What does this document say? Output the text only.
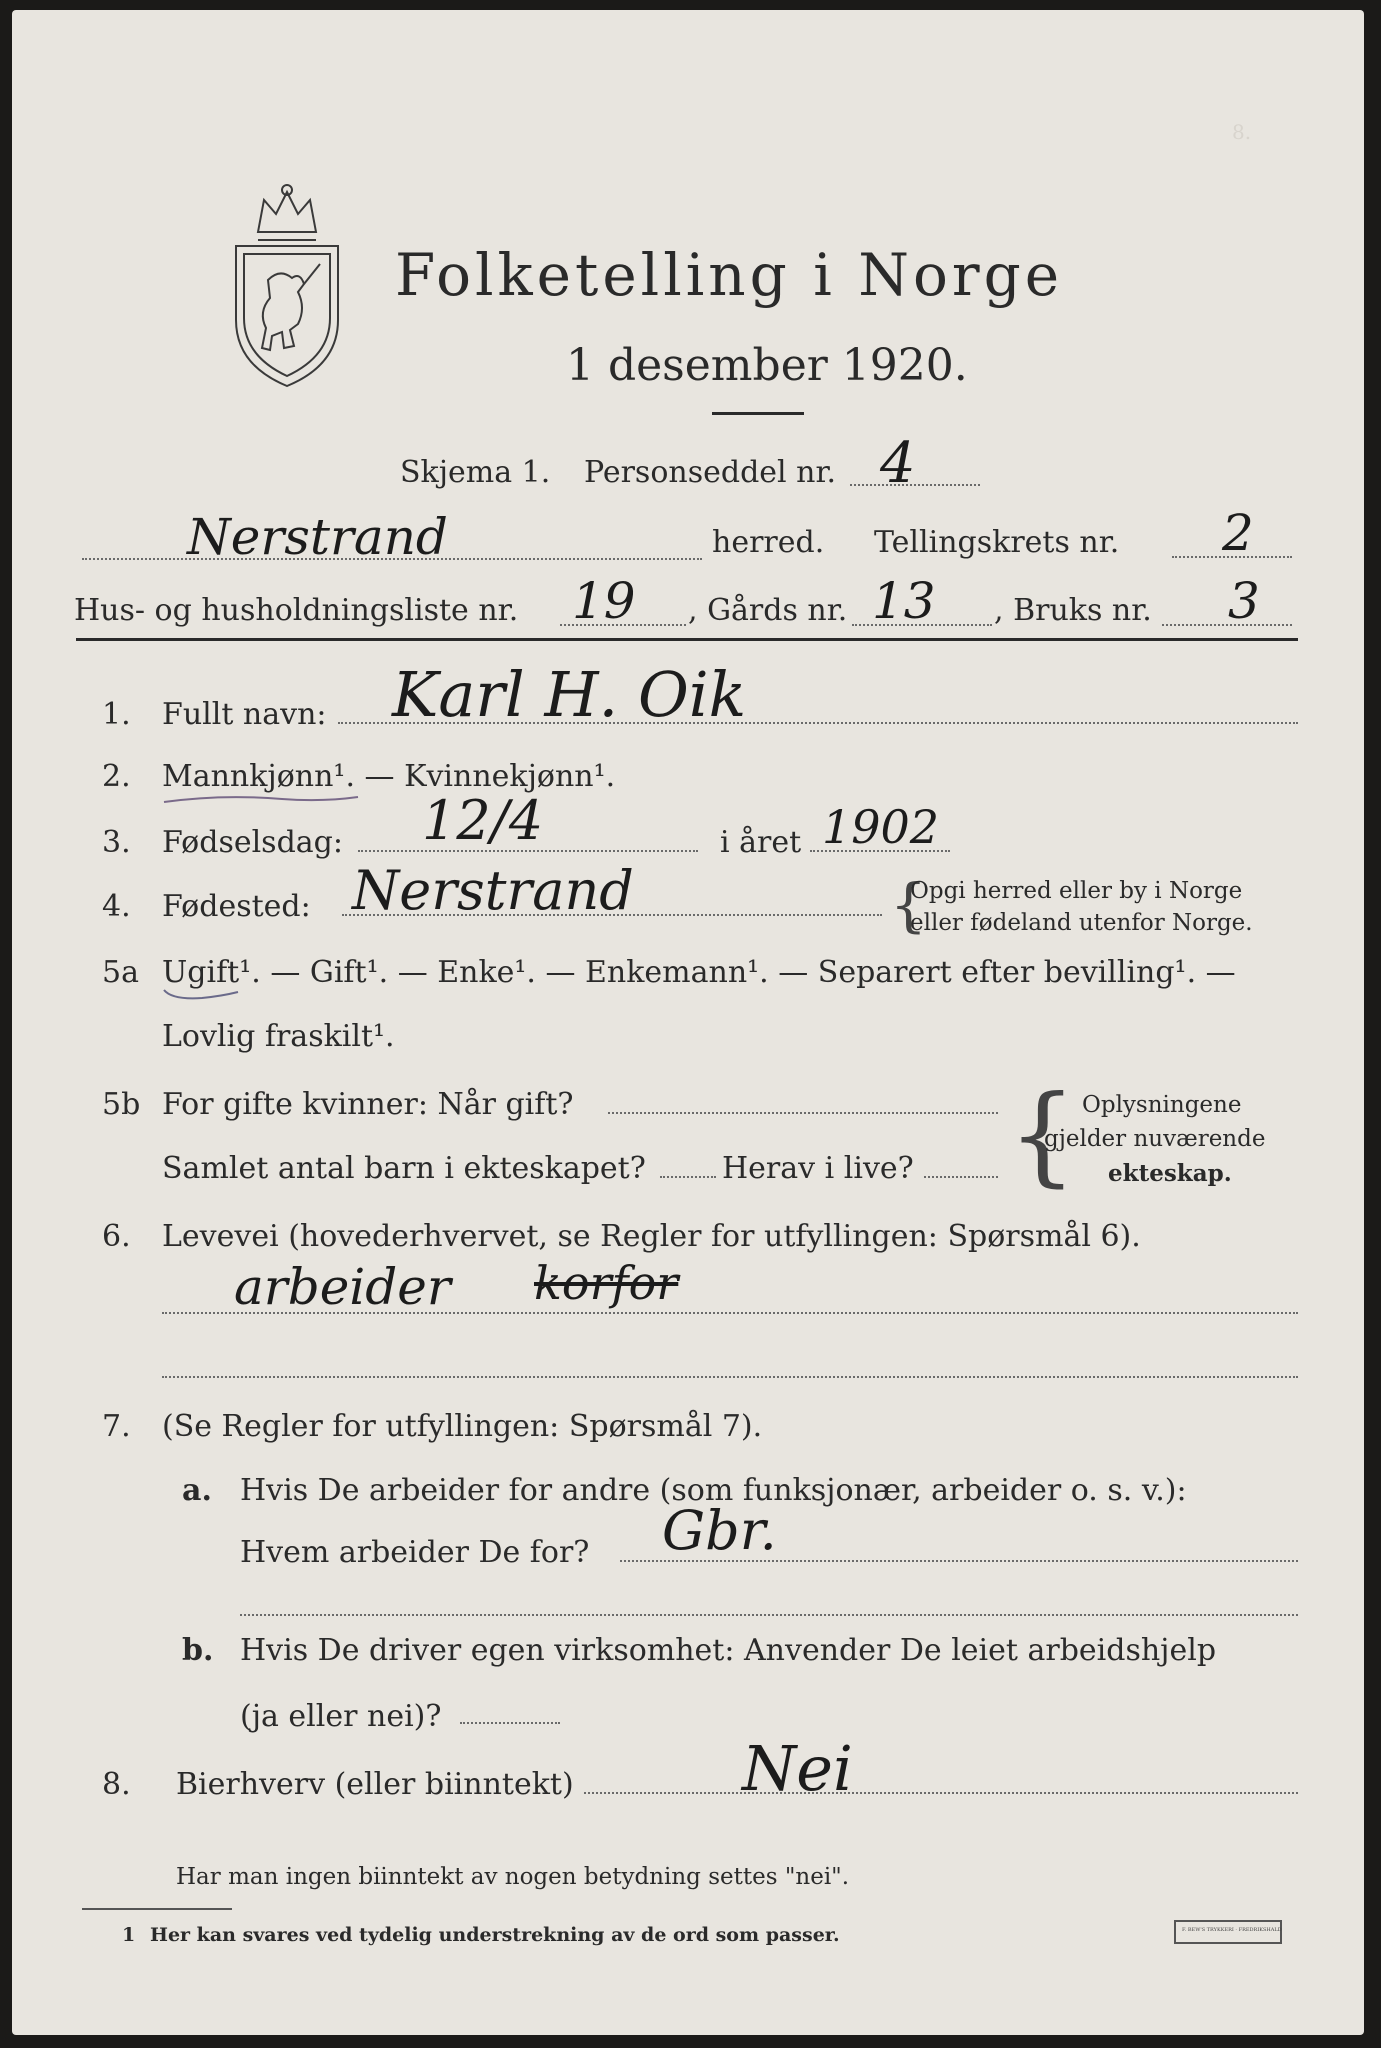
8.
Folketelling i Norge
1 desember 1920.
Skjema 1. Personseddel nr. 4
Nerstrand	herred. Tellingskrets nr. 2
Hus- og husholdningsliste nr. 19 , Gårds nr. 13 , Bruks nr. 3
1. Fullt navn: Karl H. Oik
2. Mannkjønn¹. — Kvinnekjønn¹.
3. Fødselsdag: 12/4	i året 1902
4. Fødested: Nerstrand	{
Opgi herred eller by i Norge
eller fødeland utenfor Norge.
5a Ugift¹. — Gift¹. — Enke¹. — Enkemann¹. — Separert efter bevilling¹. —
Lovlig fraskilt¹.
5b For gifte kvinner: Når gift?
Samlet antal barn i ekteskapet?	Herav i live? { Oplysningene
gjelder nuværende
ekteskap.
6. Levevei (hovederhvervet, se Regler for utfyllingen: Spørsmål 6).
arbeider korfor
7. (Se Regler for utfyllingen: Spørsmål 7).
a. Hvis De arbeider for andre (som funksjonær, arbeider o. s. v.):
Hvem arbeider De for? Gbr.
b. Hvis De driver egen virksomhet: Anvender De leiet arbeidshjelp
(ja eller nei)?
8. Bierhverv (eller biinntekt)	Nei
Har man ingen biinntekt av nogen betydning settes "nei".
1 Her kan svares ved tydelig understrekning av de ord som passer.	F. BEW'S TRYKKERI · FREDRIKSHALD
